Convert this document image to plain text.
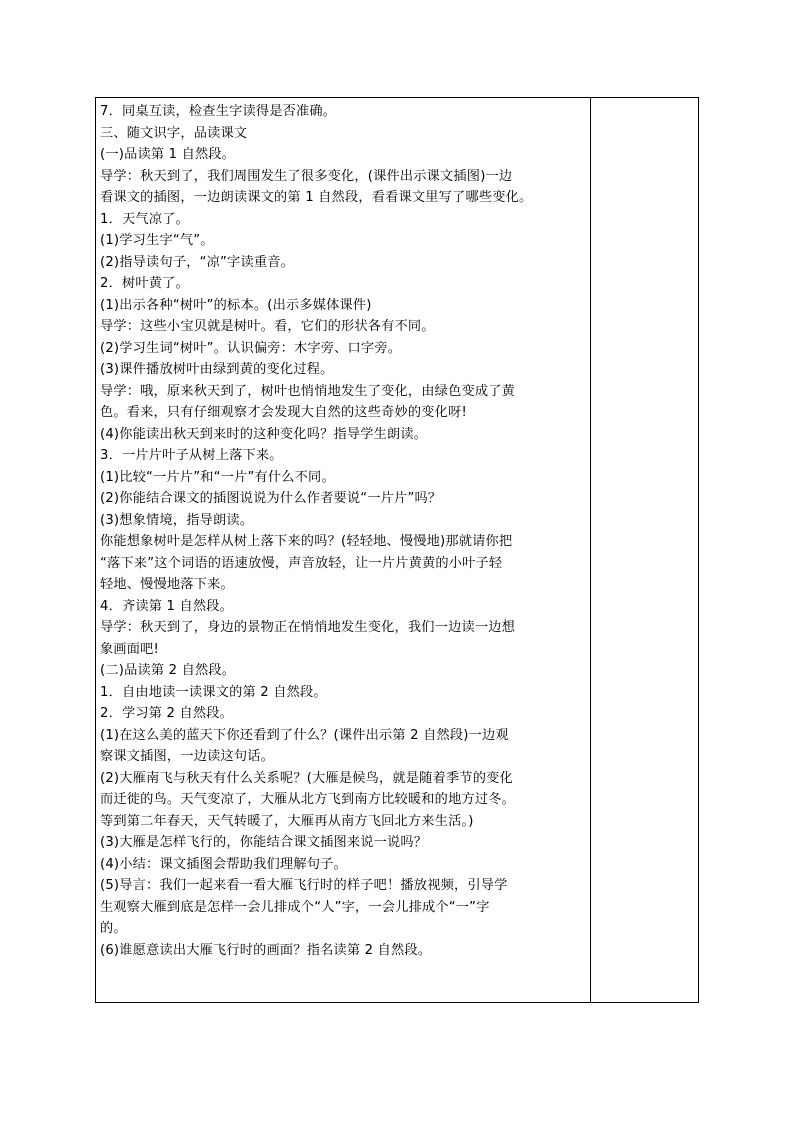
7．同桌互读，检查生字读得是否准确。
三、随文识字，品读课文
(一)品读第 1 自然段。
导学：秋天到了，我们周围发生了很多变化，(课件出示课文插图)一边
看课文的插图，一边朗读课文的第 1 自然段，看看课文里写了哪些变化。
1．天气凉了。
(1)学习生字“气”。
(2)指导读句子，“凉”字读重音。
2．树叶黄了。
(1)出示各种“树叶”的标本。(出示多媒体课件)
导学：这些小宝贝就是树叶。看，它们的形状各有不同。
(2)学习生词“树叶”。认识偏旁：木字旁、口字旁。
(3)课件播放树叶由绿到黄的变化过程。
导学：哦，原来秋天到了，树叶也悄悄地发生了变化，由绿色变成了黄
色。看来，只有仔细观察才会发现大自然的这些奇妙的变化呀!
(4)你能读出秋天到来时的这种变化吗？指导学生朗读。
3．一片片叶子从树上落下来。
(1)比较“一片片”和“一片”有什么不同。
(2)你能结合课文的插图说说为什么作者要说“一片片”吗？
(3)想象情境，指导朗读。
你能想象树叶是怎样从树上落下来的吗？(轻轻地、慢慢地)那就请你把
“落下来”这个词语的语速放慢，声音放轻，让一片片黄黄的小叶子轻
轻地、慢慢地落下来。
4．齐读第 1 自然段。
导学：秋天到了，身边的景物正在悄悄地发生变化，我们一边读一边想
象画面吧!
(二)品读第 2 自然段。
1．自由地读一读课文的第 2 自然段。
2．学习第 2 自然段。
(1)在这么美的蓝天下你还看到了什么？(课件出示第 2 自然段)一边观
察课文插图，一边读这句话。
(2)大雁南飞与秋天有什么关系呢？(大雁是候鸟，就是随着季节的变化
而迁徙的鸟。天气变凉了，大雁从北方飞到南方比较暖和的地方过冬。
等到第二年春天，天气转暖了，大雁再从南方飞回北方来生活。)
(3)大雁是怎样飞行的，你能结合课文插图来说一说吗？
(4)小结：课文插图会帮助我们理解句子。
(5)导言：我们一起来看一看大雁飞行时的样子吧！播放视频，引导学
生观察大雁到底是怎样一会儿排成个“人”字，一会儿排成个“一”字
的。
(6)谁愿意读出大雁飞行时的画面？指名读第 2 自然段。
